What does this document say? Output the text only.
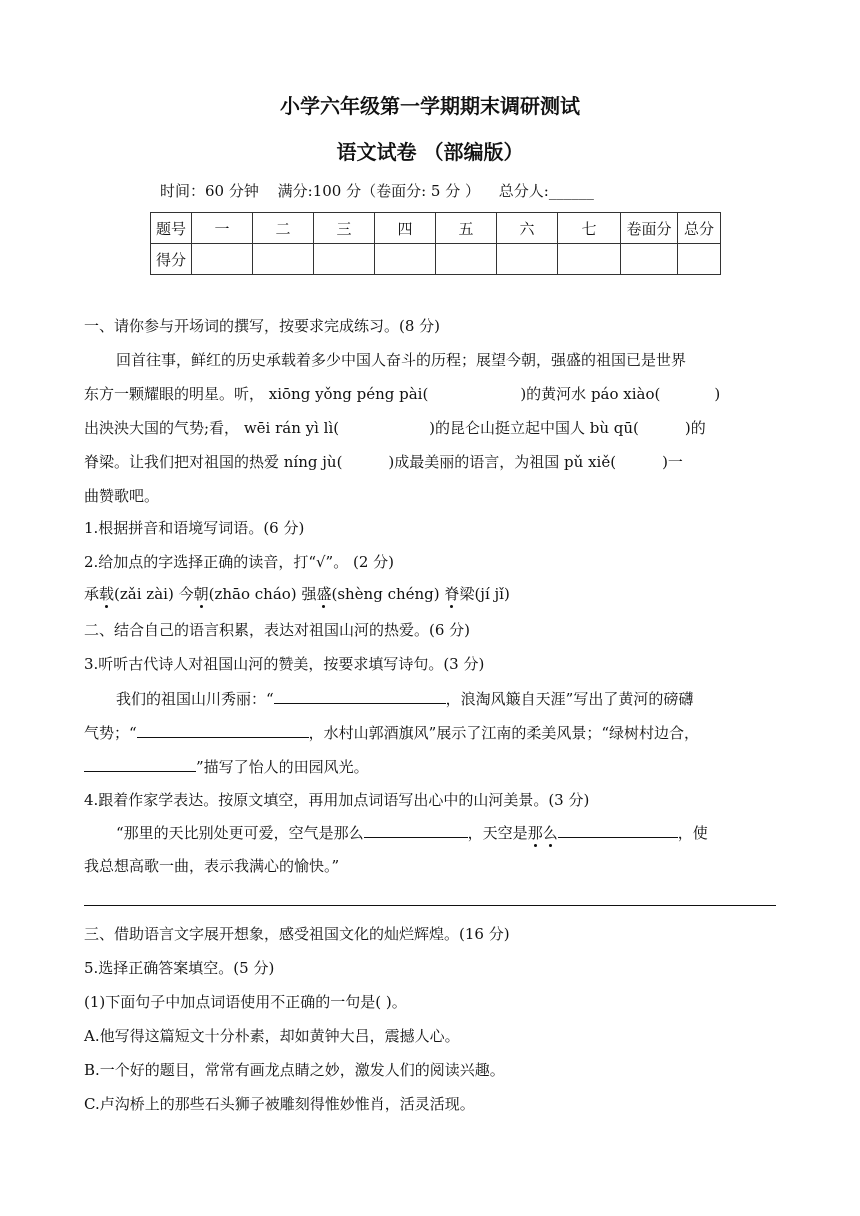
小学六年级第一学期期末调研测试
语文试卷 （部编版）
时间：60 分钟 满分:100 分（卷面分: 5 分 ） 总分人:______
题号	一	二	三	四	五	六	七	卷面分	总分
得分									
一、请你参与开场词的撰写，按要求完成练习。(8 分)
回首往事，鲜红的历史承载着多少中国人奋斗的历程；展望今朝，强盛的祖国已是世界
东方一颗耀眼的明星。听， xiōng yǒng péng pài(	)的黄河水 páo xiào(	)
出泱泱大国的气势;看， wēi rán yì lì(	)的昆仑山挺立起中国人 bù qū(	)的
脊梁。让我们把对祖国的热爱 níng jù(	)成最美丽的语言，为祖国 pǔ xiě(	)一
曲赞歌吧。
1.根据拼音和语境写词语。(6 分)
2.给加点的字选择正确的读音，打“√”。 (2 分)
承载(zǎi zài) 今朝(zhāo cháo) 强盛(shèng chéng) 脊梁(jí jǐ)
二、结合自己的语言积累，表达对祖国山河的热爱。(6 分)
3.听听古代诗人对祖国山河的赞美，按要求填写诗句。(3 分)
我们的祖国山川秀丽：“	，浪淘风簸自天涯”写出了黄河的磅礴
气势；“	，水村山郭酒旗风”展示了江南的柔美风景；“绿树村边合，
”描写了怡人的田园风光。
4.跟着作家学表达。按原文填空，再用加点词语写出心中的山河美景。(3 分)
“那里的天比别处更可爱，空气是那么	，天空是那么	，使
我总想高歌一曲，表示我满心的愉快。”
三、借助语言文字展开想象，感受祖国文化的灿烂辉煌。(16 分)
5.选择正确答案填空。(5 分)
(1)下面句子中加点词语使用不正确的一句是( )。
A.他写得这篇短文十分朴素，却如黄钟大吕，震撼人心。
B.一个好的题目，常常有画龙点睛之妙，激发人们的阅读兴趣。
C.卢沟桥上的那些石头狮子被雕刻得惟妙惟肖，活灵活现。
